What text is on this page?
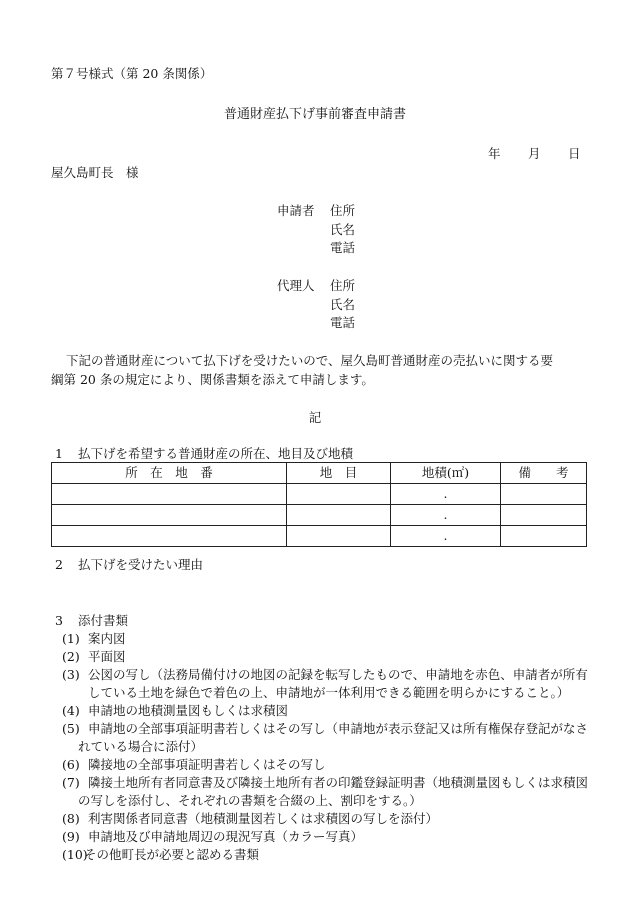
第７号様式（第 20 条関係）
普通財産払下げ事前審査申請書
年 月 日
屋久島町長　様
申請者 住所
氏名
電話
代理人 住所
氏名
電話
下記の普通財産について払下げを受けたいので、屋久島町普通財産の売払いに関する要
綱第 20 条の規定により、関係書類を添えて申請します。
記
1 払下げを希望する普通財産の所在、地目及び地積
所　在　地　番	地　目	地積(㎡)	備　　考
		.	
		.	
		.	
2 払下げを受けたい理由
3 添付書類
(1) 案内図
(2) 平面図
(3) 公図の写し（法務局備付けの地図の記録を転写したもので、申請地を赤色、申請者が所有
している土地を緑色で着色の上、申請地が一体利用できる範囲を明らかにすること。）
(4) 申請地の地積測量図もしくは求積図
(5) 申請地の全部事項証明書若しくはその写し（申請地が表示登記又は所有権保存登記がなさ
れている場合に添付）
(6) 隣接地の全部事項証明書若しくはその写し
(7) 隣接土地所有者同意書及び隣接土地所有者の印鑑登録証明書（地積測量図もしくは求積図
の写しを添付し、それぞれの書類を合綴の上、割印をする。）
(8) 利害関係者同意書（地積測量図若しくは求積図の写しを添付）
(9) 申請地及び申請地周辺の現況写真（カラー写真）
(10)その他町長が必要と認める書類
